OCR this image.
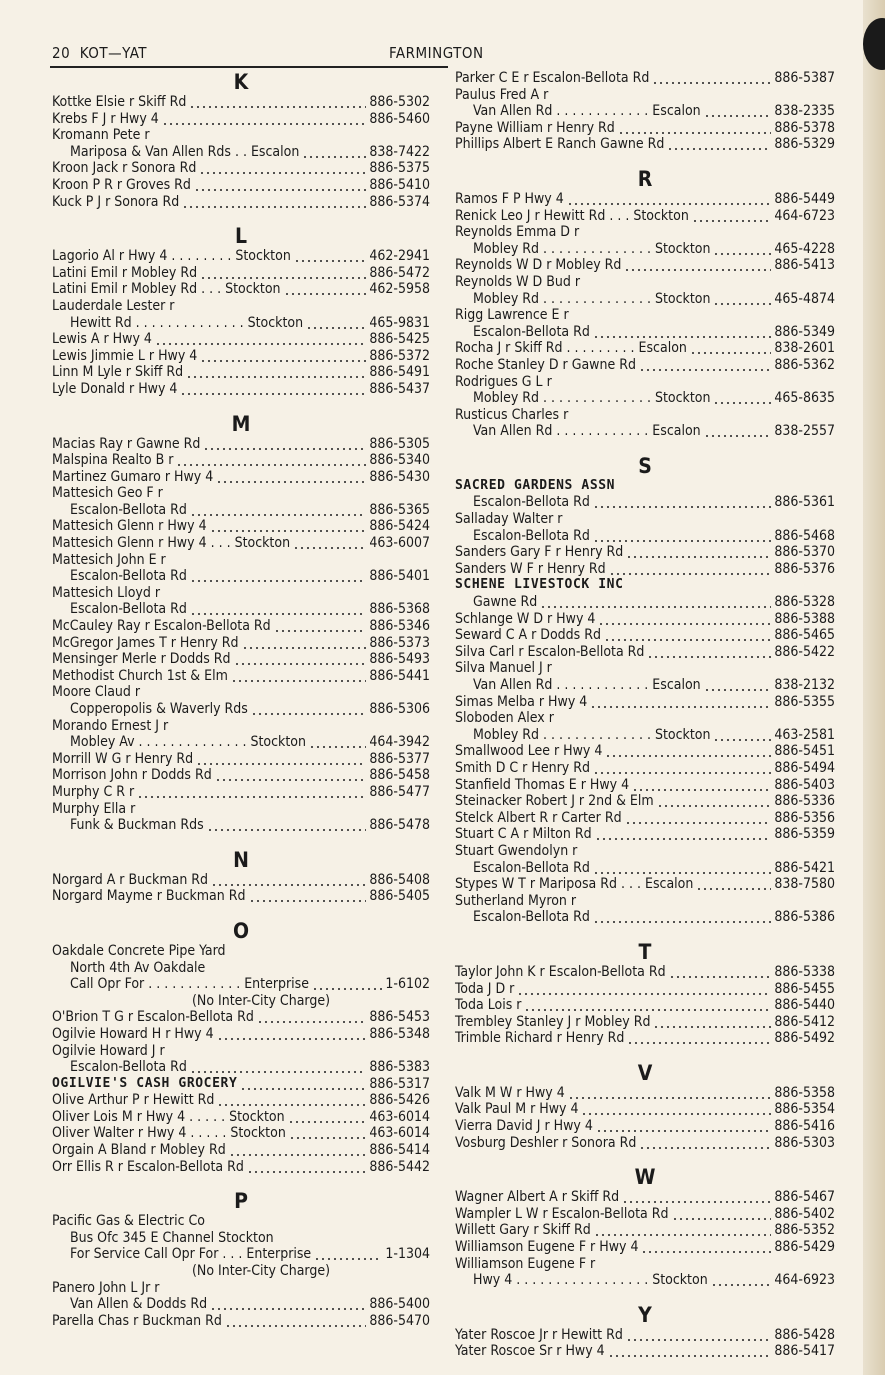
20 KOT—YAT	FARMINGTON
K
Kottke Elsie r Skiff Rd	886-5302
Krebs F J r Hwy 4	886-5460
Kromann Pete r
Mariposa & Van Allen Rds . . Escalon	838-7422
Kroon Jack r Sonora Rd	886-5375
Kroon P R r Groves Rd	886-5410
Kuck P J r Sonora Rd	886-5374
L
Lagorio Al r Hwy 4 . . . . . . . . Stockton	462-2941
Latini Emil r Mobley Rd	886-5472
Latini Emil r Mobley Rd . . . Stockton	462-5958
Lauderdale Lester r
Hewitt Rd . . . . . . . . . . . . . . Stockton	465-9831
Lewis A r Hwy 4	886-5425
Lewis Jimmie L r Hwy 4	886-5372
Linn M Lyle r Skiff Rd	886-5491
Lyle Donald r Hwy 4	886-5437
M
Macias Ray r Gawne Rd	886-5305
Malspina Realto B r	886-5340
Martinez Gumaro r Hwy 4	886-5430
Mattesich Geo F r
Escalon-Bellota Rd	886-5365
Mattesich Glenn r Hwy 4	886-5424
Mattesich Glenn r Hwy 4 . . . Stockton	463-6007
Mattesich John E r
Escalon-Bellota Rd	886-5401
Mattesich Lloyd r
Escalon-Bellota Rd	886-5368
McCauley Ray r Escalon-Bellota Rd	886-5346
McGregor James T r Henry Rd	886-5373
Mensinger Merle r Dodds Rd	886-5493
Methodist Church 1st & Elm	886-5441
Moore Claud r
Copperopolis & Waverly Rds	886-5306
Morando Ernest J r
Mobley Av . . . . . . . . . . . . . . Stockton	464-3942
Morrill W G r Henry Rd	886-5377
Morrison John r Dodds Rd	886-5458
Murphy C R r	886-5477
Murphy Ella r
Funk & Buckman Rds	886-5478
N
Norgard A r Buckman Rd	886-5408
Norgard Mayme r Buckman Rd	886-5405
O
Oakdale Concrete Pipe Yard
North 4th Av Oakdale
Call Opr For . . . . . . . . . . . . Enterprise	1-6102
(No Inter-City Charge)
O'Brion T G r Escalon-Bellota Rd	886-5453
Ogilvie Howard H r Hwy 4	886-5348
Ogilvie Howard J r
Escalon-Bellota Rd	886-5383
OGILVIE'S CASH GROCERY	886-5317
Olive Arthur P r Hewitt Rd	886-5426
Oliver Lois M r Hwy 4 . . . . . Stockton	463-6014
Oliver Walter r Hwy 4 . . . . . Stockton	463-6014
Orgain A Bland r Mobley Rd	886-5414
Orr Ellis R r Escalon-Bellota Rd	886-5442
P
Pacific Gas & Electric Co
Bus Ofc 345 E Channel Stockton
For Service Call Opr For . . . Enterprise	1-1304
(No Inter-City Charge)
Panero John L Jr r
Van Allen & Dodds Rd	886-5400
Parella Chas r Buckman Rd	886-5470
Parker C E r Escalon-Bellota Rd	886-5387
Paulus Fred A r
Van Allen Rd . . . . . . . . . . . . Escalon	838-2335
Payne William r Henry Rd	886-5378
Phillips Albert E Ranch Gawne Rd	886-5329
R
Ramos F P Hwy 4	886-5449
Renick Leo J r Hewitt Rd . . . Stockton	464-6723
Reynolds Emma D r
Mobley Rd . . . . . . . . . . . . . . Stockton	465-4228
Reynolds W D r Mobley Rd	886-5413
Reynolds W D Bud r
Mobley Rd . . . . . . . . . . . . . . Stockton	465-4874
Rigg Lawrence E r
Escalon-Bellota Rd	886-5349
Rocha J r Skiff Rd . . . . . . . . . Escalon	838-2601
Roche Stanley D r Gawne Rd	886-5362
Rodrigues G L r
Mobley Rd . . . . . . . . . . . . . . Stockton	465-8635
Rusticus Charles r
Van Allen Rd . . . . . . . . . . . . Escalon	838-2557
S
SACRED GARDENS ASSN
Escalon-Bellota Rd	886-5361
Salladay Walter r
Escalon-Bellota Rd	886-5468
Sanders Gary F r Henry Rd	886-5370
Sanders W F r Henry Rd	886-5376
SCHENE LIVESTOCK INC
Gawne Rd	886-5328
Schlange W D r Hwy 4	886-5388
Seward C A r Dodds Rd	886-5465
Silva Carl r Escalon-Bellota Rd	886-5422
Silva Manuel J r
Van Allen Rd . . . . . . . . . . . . Escalon	838-2132
Simas Melba r Hwy 4	886-5355
Sloboden Alex r
Mobley Rd . . . . . . . . . . . . . . Stockton	463-2581
Smallwood Lee r Hwy 4	886-5451
Smith D C r Henry Rd	886-5494
Stanfield Thomas E r Hwy 4	886-5403
Steinacker Robert J r 2nd & Elm	886-5336
Stelck Albert R r Carter Rd	886-5356
Stuart C A r Milton Rd	886-5359
Stuart Gwendolyn r
Escalon-Bellota Rd	886-5421
Stypes W T r Mariposa Rd . . . Escalon	838-7580
Sutherland Myron r
Escalon-Bellota Rd	886-5386
T
Taylor John K r Escalon-Bellota Rd	886-5338
Toda J D r	886-5455
Toda Lois r	886-5440
Trembley Stanley J r Mobley Rd	886-5412
Trimble Richard r Henry Rd	886-5492
V
Valk M W r Hwy 4	886-5358
Valk Paul M r Hwy 4	886-5354
Vierra David J r Hwy 4	886-5416
Vosburg Deshler r Sonora Rd	886-5303
W
Wagner Albert A r Skiff Rd	886-5467
Wampler L W r Escalon-Bellota Rd	886-5402
Willett Gary r Skiff Rd	886-5352
Williamson Eugene F r Hwy 4	886-5429
Williamson Eugene F r
Hwy 4 . . . . . . . . . . . . . . . . . Stockton	464-6923
Y
Yater Roscoe Jr r Hewitt Rd	886-5428
Yater Roscoe Sr r Hwy 4	886-5417
